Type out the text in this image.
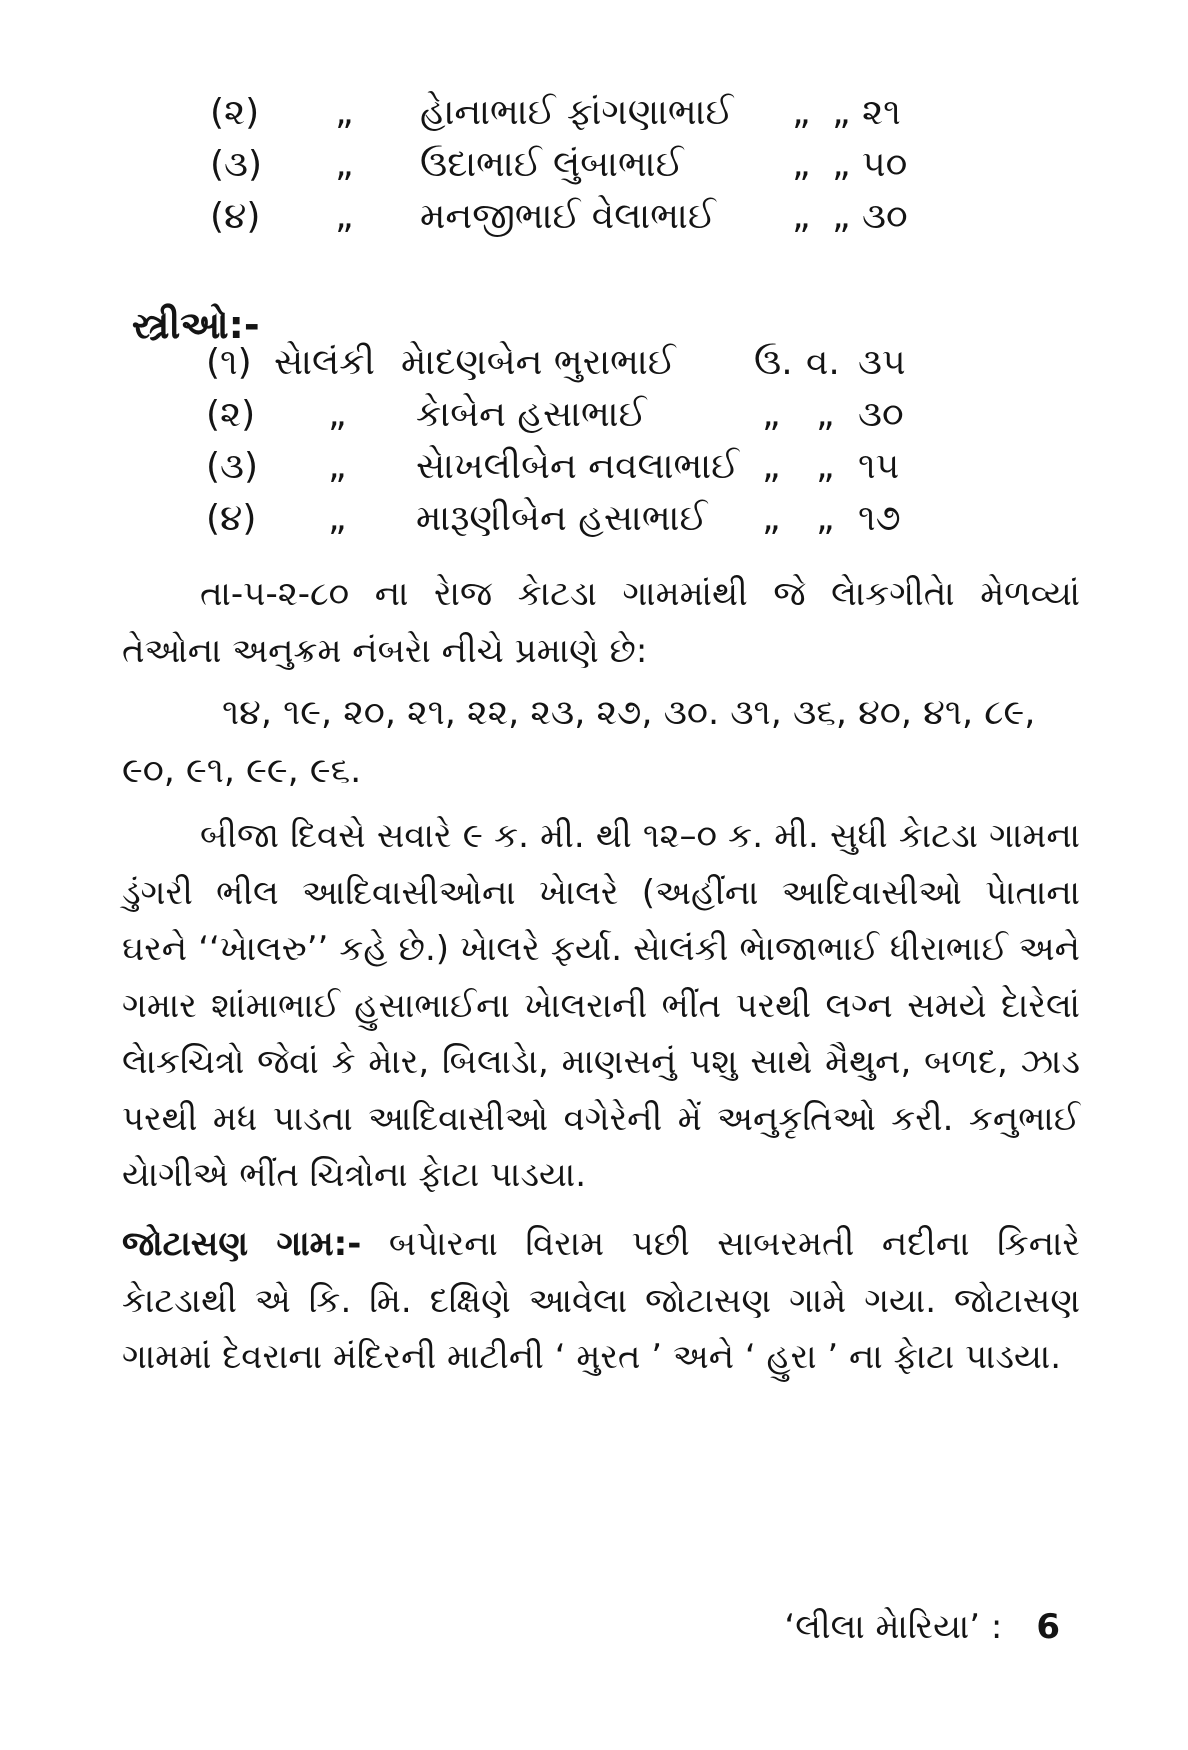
(૨) „ હેાનાભાઈ ફાંગણાભાઈ „ „ ૨૧
(૩) „ ઉદાભાઈ લુંબાભાઈ	„ „ ૫૦
(૪) „ મનજીભાઈ વેલાભાઈ „ „ ૩૦
સ્ત્રીઓ:-
(૧) સેાલંકી મેાદણબેન ભુરાભાઈ ઉ. વ. ૩૫
(૨) „ કેાબેન હસાભાઈ	„ „ ૩૦
(૩) „ સેાખલીબેન નવલાભાઈ „ „ ૧૫
(૪) „ મારૂણીબેન હસાભાઈ „ „ ૧૭

તા-૫-૨-૮૦ ના રેાજ કેાટડા ગામમાંથી જે લેાકગીતેા મેળવ્યાં તેઓના અનુક્રમ નંબરેા નીચે પ્રમાણે છે:

૧૪, ૧૯, ૨૦, ૨૧, ૨૨, ૨૩, ૨૭, ૩૦. ૩૧, ૩૬, ૪૦, ૪૧, ૮૯, ૯૦, ૯૧, ૯૯, ૯૬.

બીજા દિવસે સવારે ૯ ક. મી. થી ૧૨–૦ ક. મી. સુધી કેાટડા ગામના ડુંગરી ભીલ આદિવાસીઓના ખેાલરે (અહીંના આદિવાસીઓ પેાતાના ઘરને ‘‘ખેાલરુ’’ કહે છે.) ખેાલરે ફર્યા. સેાલંકી ભેાજાભાઈ ધીરાભાઈ અને ગમાર શાંમાભાઈ હુસાભાઈના ખેાલરાની ભીંત પરથી લગ્ન સમયે દેારેલાં લેાકચિત્રો જેવાં કે મેાર, બિલાડેા, માણસનું પશુ સાથે મૈથુન, બળદ, ઝાડ પરથી મધ પાડતા આદિવાસીઓ વગેરેની મેં અનુકૃતિઓ કરી. કનુભાઈ યેાગીએ ભીંત ચિત્રોના ફેાટા પાડયા.

જોટાસણ ગામ:- બપેારના વિરામ પછી સાબરમતી નદીના કિનારે કેાટડાથી એ કિ. મિ. દક્ષિણે આવેલા જોટાસણ ગામે ગયા. જોટાસણ ગામમાં દેવરાના મંદિરની માટીની ‘ મુરત ’ અને ‘ હુરા ’ ના ફેાટા પાડયા.

‘લીલા મેારિયા’ : 6
